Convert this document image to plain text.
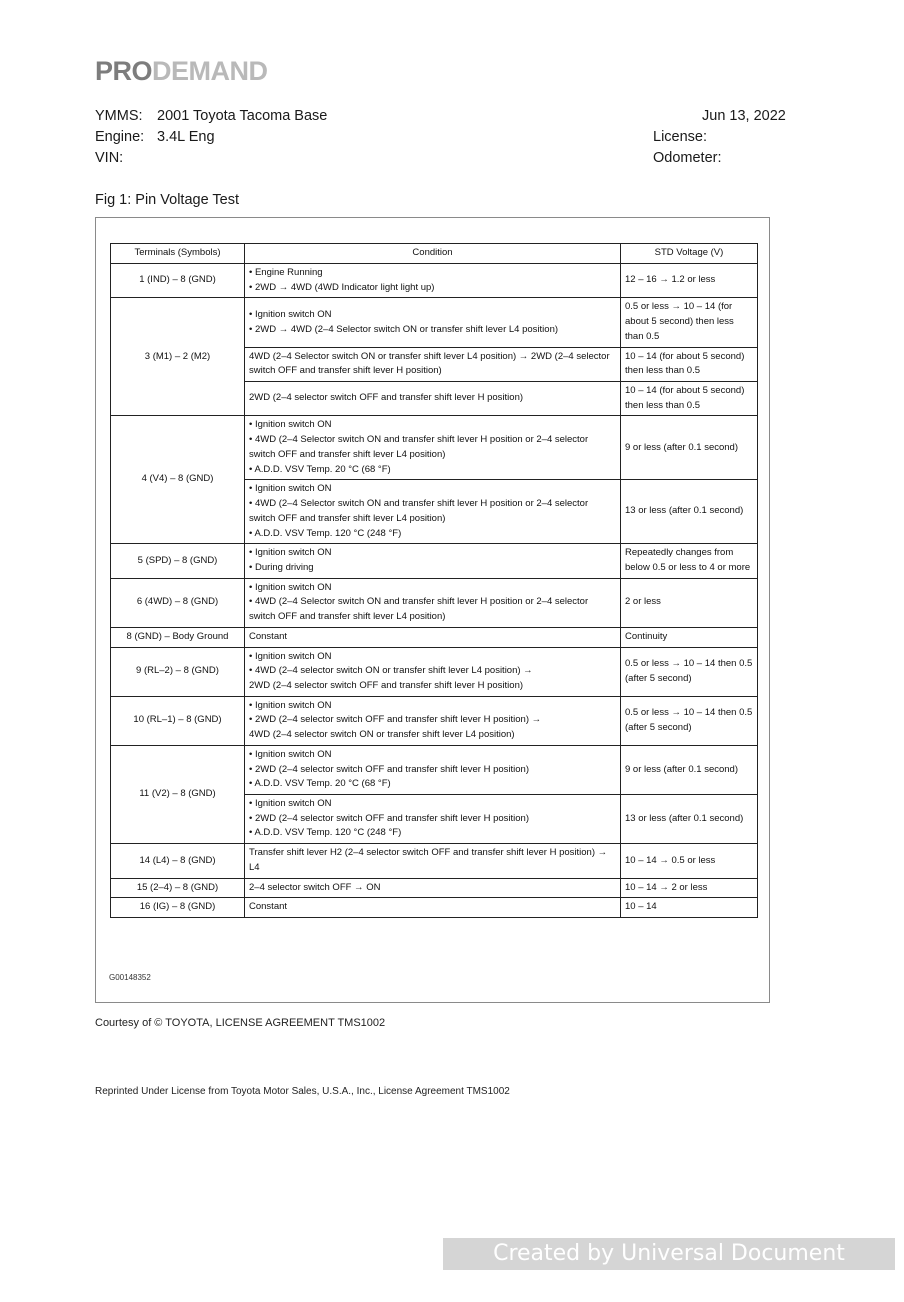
PRODEMAND
YMMS: 2001 Toyota Tacoma Base
Engine: 3.4L Eng
VIN:
Jun 13, 2022
License:
Odometer:
Fig 1: Pin Voltage Test
Terminals (Symbols)	Condition	STD Voltage (V)
1 (IND) – 8 (GND)	• Engine Running
• 2WD → 4WD (4WD Indicator light light up)	12 – 16 → 1.2 or less
3 (M1) – 2 (M2)	• Ignition switch ON
• 2WD → 4WD (2–4 Selector switch ON or transfer shift lever L4 position)	0.5 or less → 10 – 14 (for about 5 second) then less than 0.5

	4WD (2–4 Selector switch ON or transfer shift lever L4 position) → 2WD (2–4 selector switch OFF and transfer shift lever H position)	10 – 14 (for about 5 second) then less than 0.5

	2WD (2–4 selector switch OFF and transfer shift lever H position)	10 – 14 (for about 5 second) then less than 0.5
4 (V4) – 8 (GND)	• Ignition switch ON
• 4WD (2–4 Selector switch ON and transfer shift lever H position or 2–4 selector switch OFF and transfer shift lever L4 position)
• A.D.D. VSV Temp. 20 °C (68 °F)	9 or less (after 0.1 second)

	• Ignition switch ON
• 4WD (2–4 Selector switch ON and transfer shift lever H position or 2–4 selector switch OFF and transfer shift lever L4 position)
• A.D.D. VSV Temp. 120 °C (248 °F)	13 or less (after 0.1 second)
5 (SPD) – 8 (GND)	• Ignition switch ON
• During driving	Repeatedly changes from below 0.5 or less to 4 or more
6 (4WD) – 8 (GND)	• Ignition switch ON
• 4WD (2–4 Selector switch ON and transfer shift lever H position or 2–4 selector switch OFF and transfer shift lever L4 position)	2 or less
8 (GND) – Body Ground	Constant	Continuity
9 (RL–2) – 8 (GND)	• Ignition switch ON
• 4WD (2–4 selector switch ON or transfer shift lever L4 position) →
2WD (2–4 selector switch OFF and transfer shift lever H position)	0.5 or less → 10 – 14 then 0.5 (after 5 second)
10 (RL–1) – 8 (GND)	• Ignition switch ON
• 2WD (2–4 selector switch OFF and transfer shift lever H position) →
4WD (2–4 selector switch ON or transfer shift lever L4 position)	0.5 or less → 10 – 14 then 0.5 (after 5 second)
11 (V2) – 8 (GND)	• Ignition switch ON
• 2WD (2–4 selector switch OFF and transfer shift lever H position)
• A.D.D. VSV Temp. 20 °C (68 °F)	9 or less (after 0.1 second)

	• Ignition switch ON
• 2WD (2–4 selector switch OFF and transfer shift lever H position)
• A.D.D. VSV Temp. 120 °C (248 °F)	13 or less (after 0.1 second)
14 (L4) – 8 (GND)	Transfer shift lever H2 (2–4 selector switch OFF and transfer shift lever H position) → L4	10 – 14 → 0.5 or less
15 (2–4) – 8 (GND)	2–4 selector switch OFF → ON	10 – 14 → 2 or less
16 (IG) – 8 (GND)	Constant	10 – 14
G00148352
Courtesy of © TOYOTA, LICENSE AGREEMENT TMS1002
Reprinted Under License from Toyota Motor Sales, U.S.A., Inc., License Agreement TMS1002
Created by Universal Document Converter
